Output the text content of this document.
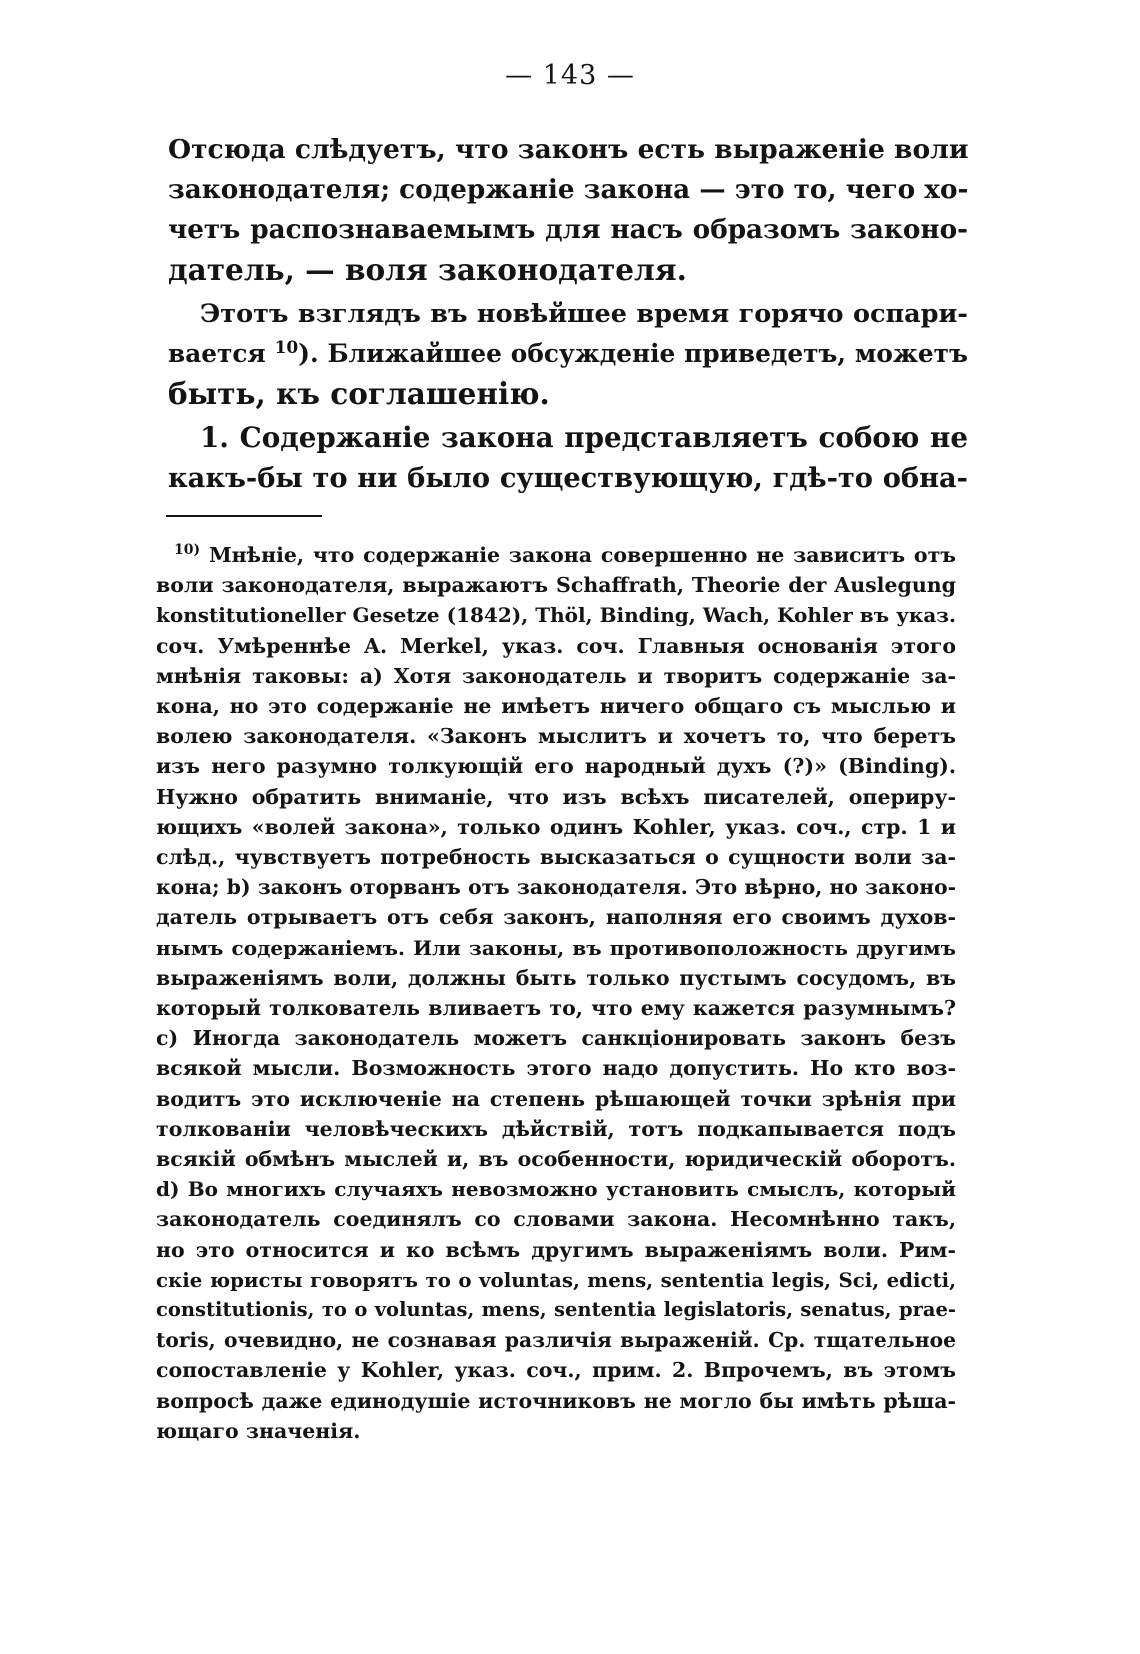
— 143 —
Отсюда слѣдуетъ, что законъ есть выраженіе воли
законодателя; содержаніе закона — это то, чего хо-
четъ распознаваемымъ для насъ образомъ законо-
датель, — воля законодателя.
Этотъ взглядъ въ новѣйшее время горячо оспари-
вается $^{10}$). Ближайшее обсужденіе приведетъ, можетъ
быть, къ соглашенію.
1. Содержаніе закона представляетъ собою не
какъ-бы то ни было существующую, гдѣ-то обна-
$^{10)}$ Мнѣніе, что содержаніе закона совершенно не зависитъ отъ
воли законодателя, выражаютъ Schaffrath, Theorie der Auslegung
konstitutioneller Gesetze (1842), Thöl, Binding, Wach, Kohler въ указ.
соч. Умѣреннѣе A. Merkel, указ. соч. Главныя основанія этого
мнѣнія таковы: а) Хотя законодатель и творитъ содержаніе за-
кона, но это содержаніе не имѣетъ ничего общаго съ мыслью и
волею законодателя. «Законъ мыслитъ и хочетъ то, что беретъ
изъ него разумно толкующій его народный духъ (?)» (Binding).
Нужно обратить вниманіе, что изъ всѣхъ писателей, опериру-
ющихъ «волей закона», только одинъ Kohler, указ. соч., стр. 1 и
слѣд., чувствуетъ потребность высказаться о сущности воли за-
кона; b) законъ оторванъ отъ законодателя. Это вѣрно, но законо-
датель отрываетъ отъ себя законъ, наполняя его своимъ духов-
нымъ содержаніемъ. Или законы, въ противоположность другимъ
выраженіямъ воли, должны быть только пустымъ сосудомъ, въ
который толкователь вливаетъ то, что ему кажется разумнымъ?
с) Иногда законодатель можетъ санкціонировать законъ безъ
всякой мысли. Возможность этого надо допустить. Но кто воз-
водитъ это исключеніе на степень рѣшающей точки зрѣнія при
толкованіи человѣческихъ дѣйствій, тотъ подкапывается подъ
всякій обмѣнъ мыслей и, въ особенности, юридическій оборотъ.
d) Во многихъ случаяхъ невозможно установить смыслъ, который
законодатель соединялъ со словами закона. Несомнѣнно такъ,
но это относится и ко всѣмъ другимъ выраженіямъ воли. Рим-
скіе юристы говорятъ то о voluntas, mens, sententia legis, Sci, edicti,
constitutionis, то о voluntas, mens, sententia legislatoris, senatus, prae-
toris, очевидно, не сознавая различія выраженій. Ср. тщательное
сопоставленіе у Kohler, указ. соч., прим. 2. Впрочемъ, въ этомъ
вопросѣ даже единодушіе источниковъ не могло бы имѣть рѣша-
ющаго значенія.
